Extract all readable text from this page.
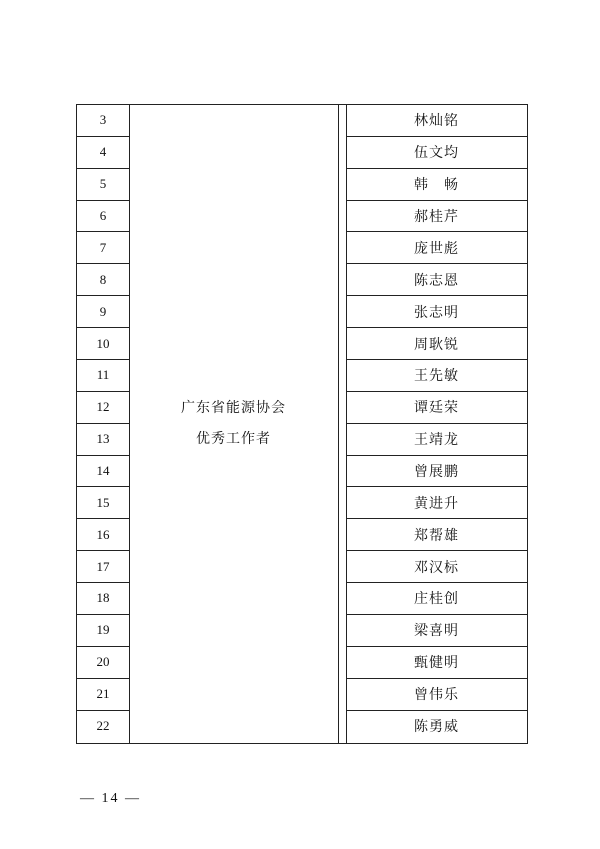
3
4
5
6
7
8
9
10
11
12
13
14
15
16
17
18
19
20
21
22
广东省能源协会
优秀工作者
林灿铭
伍文均
韩　畅
郝桂芹
庞世彪
陈志恩
张志明
周耿锐
王先敏
谭廷荣
王靖龙
曾展鹏
黄进升
郑帮雄
邓汉标
庄桂创
梁喜明
甄健明
曾伟乐
陈勇威
— 14 —
